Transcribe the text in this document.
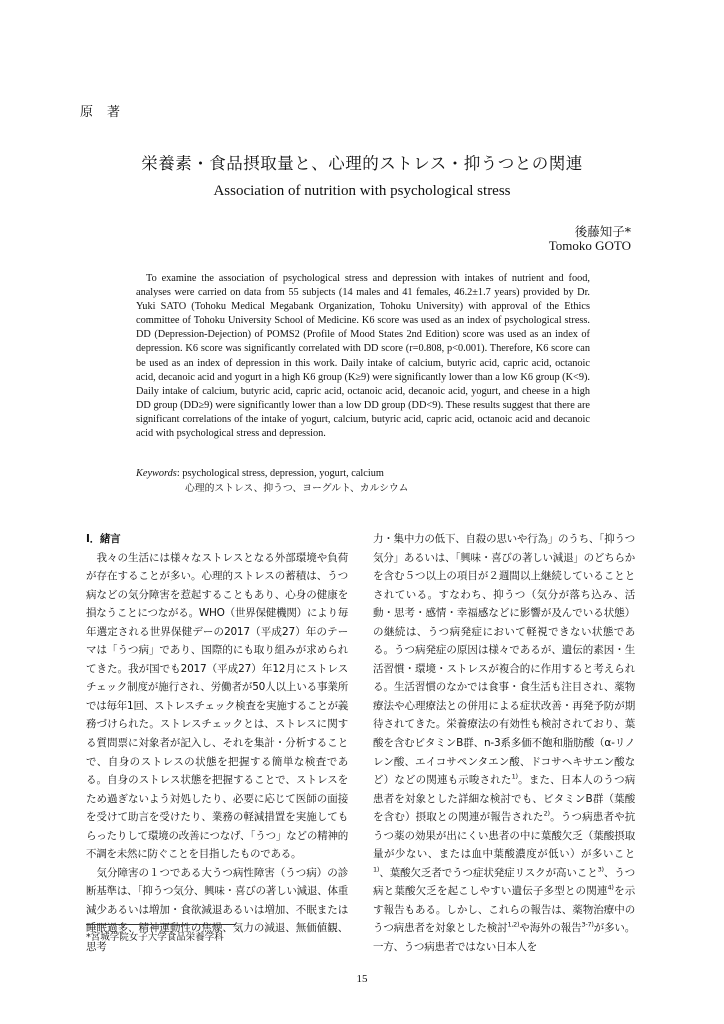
原著
栄養素・食品摂取量と、心理的ストレス・抑うつとの関連
Association of nutrition with psychological stress
後藤知子*
Tomoko GOTO
To examine the association of psychological stress and depression with intakes of nutrient and food, analyses were carried on data from 55 subjects (14 males and 41 females, 46.2±1.7 years) provided by Dr. Yuki SATO (Tohoku Medical Megabank Organization, Tohoku University) with approval of the Ethics committee of Tohoku University School of Medicine. K6 score was used as an index of psychological stress. DD (Depression-Dejection) of POMS2 (Profile of Mood States 2nd Edition) score was used as an index of depression. K6 score was significantly correlated with DD score (r=0.808, p<0.001). Therefore, K6 score can be used as an index of depression in this work. Daily intake of calcium, butyric acid, capric acid, octanoic acid, decanoic acid and yogurt in a high K6 group (K≥9) were significantly lower than a low K6 group (K<9). Daily intake of calcium, butyric acid, capric acid, octanoic acid, decanoic acid, yogurt, and cheese in a high DD group (DD≥9) were significantly lower than a low DD group (DD<9). These results suggest that there are significant correlations of the intake of yogurt, calcium, butyric acid, capric acid, octanoic acid and decanoic acid with psychological stress and depression.
Keywords: psychological stress, depression, yogurt, calcium
心理的ストレス、抑うつ、ヨーグルト、カルシウム

Ⅰ．緒言

我々の生活には様々なストレスとなる外部環境や負荷が存在することが多い。心理的ストレスの蓄積は、うつ病などの気分障害を惹起することもあり、心身の健康を損なうことにつながる。WHO（世界保健機関）により毎年選定される世界保健デーの2017（平成27）年のテーマは「うつ病」であり、国際的にも取り組みが求められてきた。我が国でも2017（平成27）年12月にストレスチェック制度が施行され、労働者が50人以上いる事業所では毎年1回、ストレスチェック検査を実施することが義務づけられた。ストレスチェックとは、ストレスに関する質問票に対象者が記入し、それを集計・分析することで、自身のストレスの状態を把握する簡単な検査である。自身のストレス状態を把握することで、ストレスをため過ぎないよう対処したり、必要に応じて医師の面接を受けて助言を受けたり、業務の軽減措置を実施してもらったりして環境の改善につなげ、「うつ」などの精神的不調を未然に防ぐことを目指したものである。

気分障害の１つである大うつ病性障害（うつ病）の診断基準は、「抑うつ気分、興味・喜びの著しい減退、体重減少あるいは増加・食欲減退あるいは増加、不眠または睡眠過多、精神運動性の焦燥、気力の減退、無価値観、思考

力・集中力の低下、自殺の思いや行為」のうち、「抑うつ気分」あるいは、「興味・喜びの著しい減退」のどちらかを含む５つ以上の項目が２週間以上継続していることとされている。すなわち、抑うつ（気分が落ち込み、活動・思考・感情・幸福感などに影響が及んでいる状態）の継続は、うつ病発症において軽視できない状態である。うつ病発症の原因は様々であるが、遺伝的素因・生活習慣・環境・ストレスが複合的に作用すると考えられる。生活習慣のなかでは食事・食生活も注目され、薬物療法や心理療法との併用による症状改善・再発予防が期待されてきた。栄養療法の有効性も検討されており、葉酸を含むビタミンB群、n-3系多価不飽和脂肪酸（α-リノレン酸、エイコサペンタエン酸、ドコサヘキサエン酸など）などの関連も示唆された$^{1)}$。また、日本人のうつ病患者を対象とした詳細な検討でも、ビタミンB群（葉酸を含む）摂取との関連が報告された$^{2)}$。うつ病患者や抗うつ薬の効果が出にくい患者の中に葉酸欠乏（葉酸摂取量が少ない、または血中葉酸濃度が低い）が多いこと$^{1)}$、葉酸欠乏者でうつ症状発症リスクが高いこと$^{3)}$、うつ病と葉酸欠乏を起こしやすい遺伝子多型との関連$^{4)}$を示す報告もある。しかし、これらの報告は、薬物治療中のうつ病患者を対象とした検討$^{1,2)}$や海外の報告$^{3-7)}$が多い。一方、うつ病患者ではない日本人を

*宮城学院女子大学食品栄養学科
15
